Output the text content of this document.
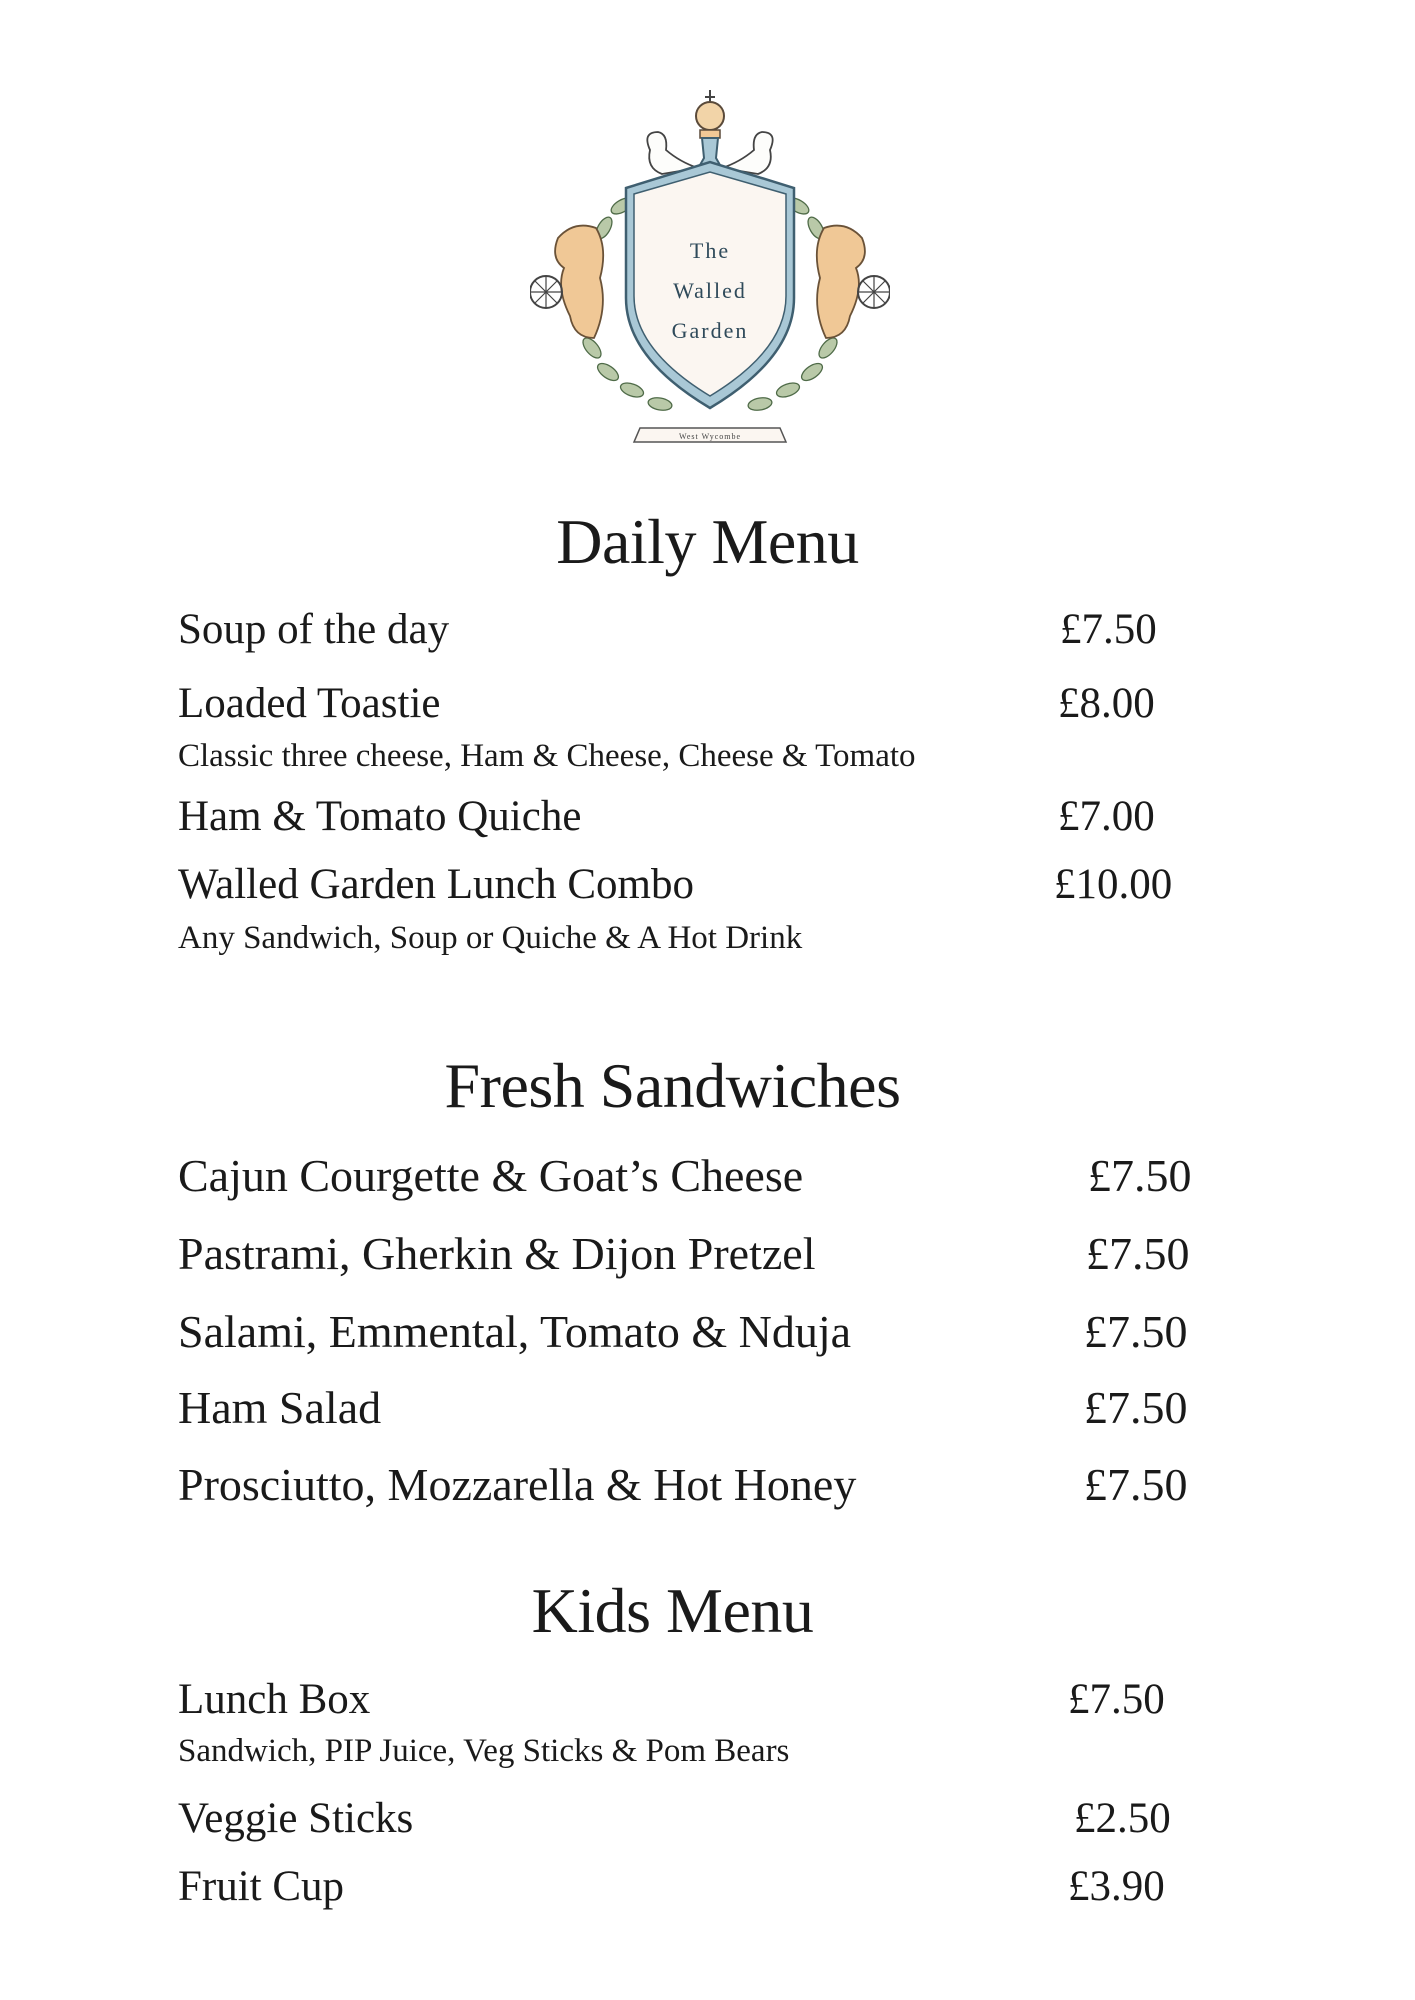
The
Walled
Garden
West Wycombe
Daily Menu
Soup of the day	£7.50
Loaded Toastie	£8.00
Classic three cheese, Ham & Cheese, Cheese & Tomato
Ham & Tomato Quiche	£7.00
Walled Garden Lunch Combo	£10.00
Any Sandwich, Soup or Quiche & A Hot Drink
Fresh Sandwiches
Cajun Courgette & Goat’s Cheese	£7.50
Pastrami, Gherkin & Dijon Pretzel	£7.50
Salami, Emmental, Tomato & Nduja	£7.50
Ham Salad	£7.50
Prosciutto, Mozzarella & Hot Honey	£7.50
Kids Menu
Lunch Box	£7.50
Sandwich, PIP Juice, Veg Sticks & Pom Bears
Veggie Sticks	£2.50
Fruit Cup	£3.90
